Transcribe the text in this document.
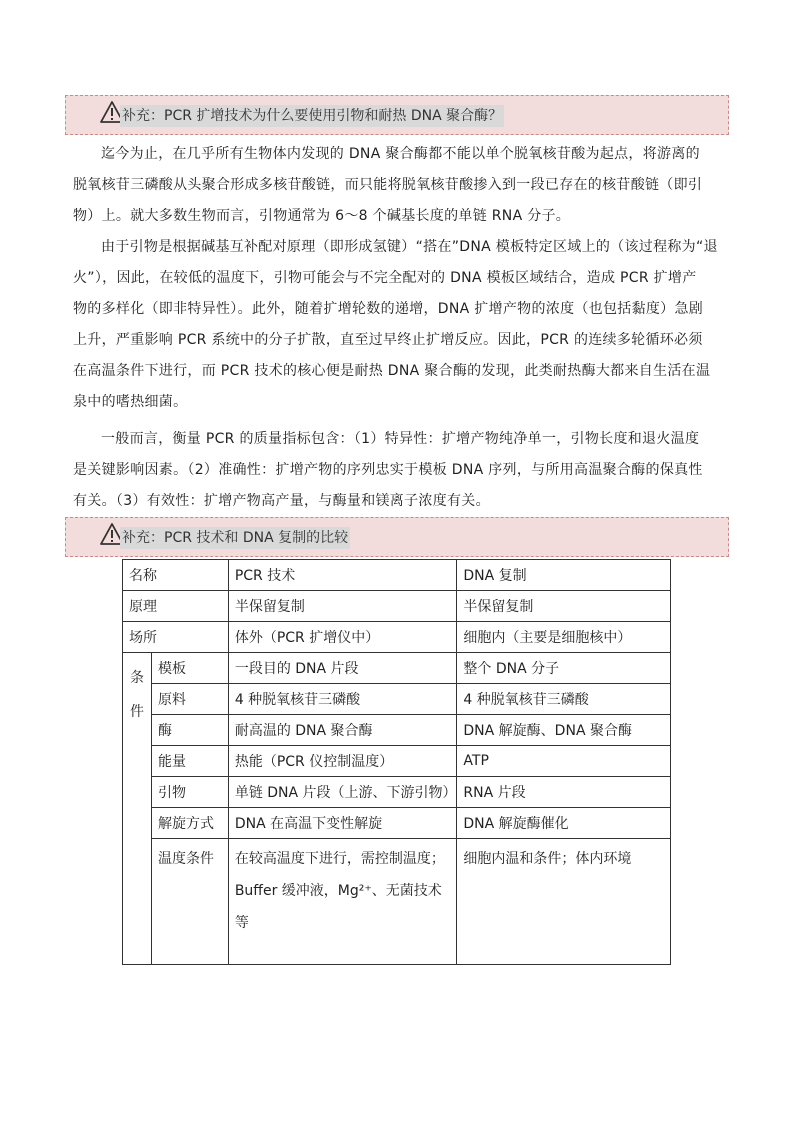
补充：PCR 扩增技术为什么要使用引物和耐热 DNA 聚合酶？
迄今为止，在几乎所有生物体内发现的 DNA 聚合酶都不能以单个脱氧核苷酸为起点，将游离的
脱氧核苷三磷酸从头聚合形成多核苷酸链，而只能将脱氧核苷酸掺入到一段已存在的核苷酸链（即引
物）上。就大多数生物而言，引物通常为 6～8 个碱基长度的单链 RNA 分子。
由于引物是根据碱基互补配对原理（即形成氢键）“搭在”DNA 模板特定区域上的（该过程称为“退
火”），因此，在较低的温度下，引物可能会与不完全配对的 DNA 模板区域结合，造成 PCR 扩增产
物的多样化（即非特异性）。此外，随着扩增轮数的递增，DNA 扩增产物的浓度（也包括黏度）急剧
上升，严重影响 PCR 系统中的分子扩散，直至过早终止扩增反应。因此，PCR 的连续多轮循环必须
在高温条件下进行，而 PCR 技术的核心便是耐热 DNA 聚合酶的发现，此类耐热酶大都来自生活在温
泉中的嗜热细菌。
一般而言，衡量 PCR 的质量指标包含：（1）特异性：扩增产物纯净单一，引物长度和退火温度
是关键影响因素。（2）准确性：扩增产物的序列忠实于模板 DNA 序列，与所用高温聚合酶的保真性
有关。（3）有效性：扩增产物高产量，与酶量和镁离子浓度有关。
补充：PCR 技术和 DNA 复制的比较
名称		PCR 技术	DNA 复制
原理		半保留复制	半保留复制
场所		体外（PCR 扩增仪中）	细胞内（主要是细胞核中）
条
件	模板	一段目的 DNA 片段	整个 DNA 分子
	原料	4 种脱氧核苷三磷酸	4 种脱氧核苷三磷酸
	酶	耐高温的 DNA 聚合酶	DNA 解旋酶、DNA 聚合酶
	能量	热能（PCR 仪控制温度）	ATP
	引物	单链 DNA 片段（上游、下游引物）	RNA 片段
	解旋方式	DNA 在高温下变性解旋	DNA 解旋酶催化
	温度条件	在较高温度下进行，需控制温度；
Buffer 缓冲液，Mg²⁺、无菌技术
等	细胞内温和条件；体内环境
